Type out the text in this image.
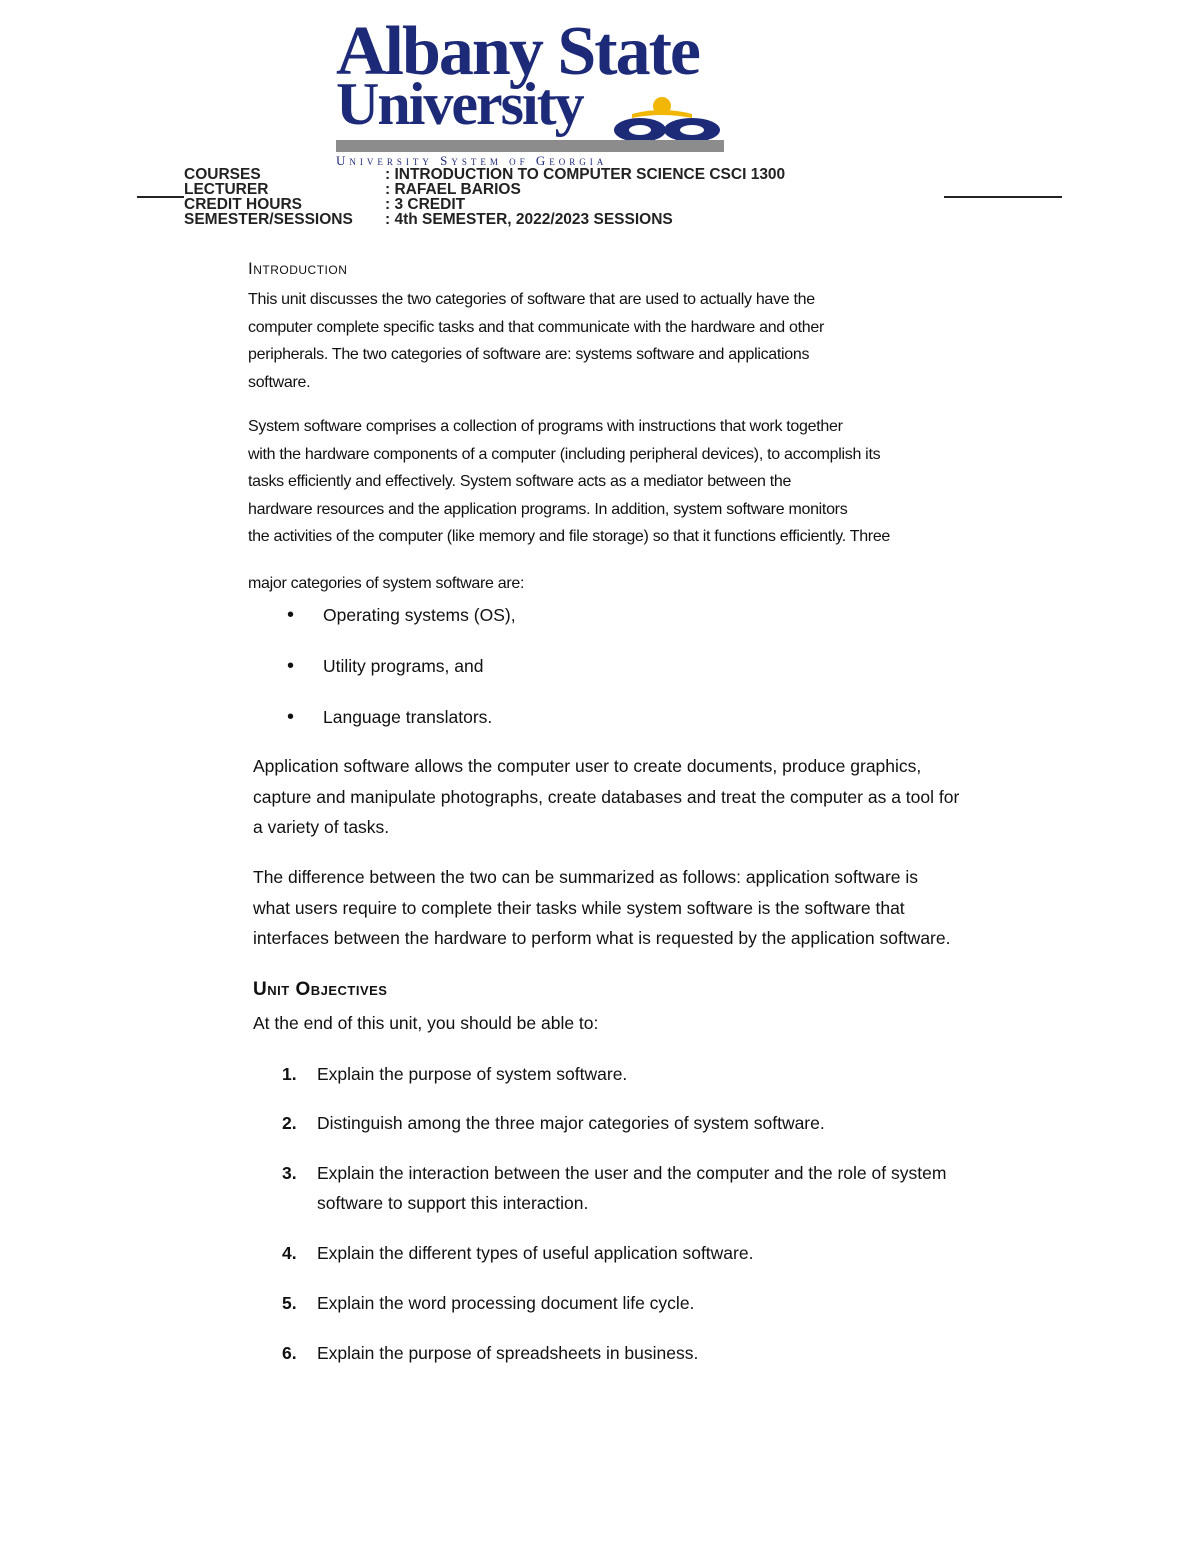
Albany State
University
University System of Georgia
COURSES	: INTRODUCTION TO COMPUTER SCIENCE CSCI 1300
LECTURER	: RAFAEL BARIOS
CREDIT HOURS	: 3 CREDIT
SEMESTER/SESSIONS : 4th SEMESTER, 2022/2023 SESSIONS
Introduction

This unit discusses the two categories of software that are used to actually have the

computer complete specific tasks and that communicate with the hardware and other

peripherals. The two categories of software are: systems software and applications

software.

System software comprises a collection of programs with instructions that work together

with the hardware components of a computer (including peripheral devices), to accomplish its

tasks efficiently and effectively. System software acts as a mediator between the

hardware resources and the application programs. In addition, system software monitors

the activities of the computer (like memory and file storage) so that it functions efficiently. Three

major categories of system software are:

• Operating systems (OS),
• Utility programs, and
• Language translators.

Application software allows the computer user to create documents, produce graphics,

capture and manipulate photographs, create databases and treat the computer as a tool for

a variety of tasks.

The difference between the two can be summarized as follows: application software is

what users require to complete their tasks while system software is the software that

interfaces between the hardware to perform what is requested by the application software.

Unit Objectives
At the end of this unit, you should be able to:
1. Explain the purpose of system software.
2. Distinguish among the three major categories of system software.
3. Explain the interaction between the user and the computer and the role of system
software to support this interaction.
4. Explain the different types of useful application software.
5. Explain the word processing document life cycle.
6. Explain the purpose of spreadsheets in business.
